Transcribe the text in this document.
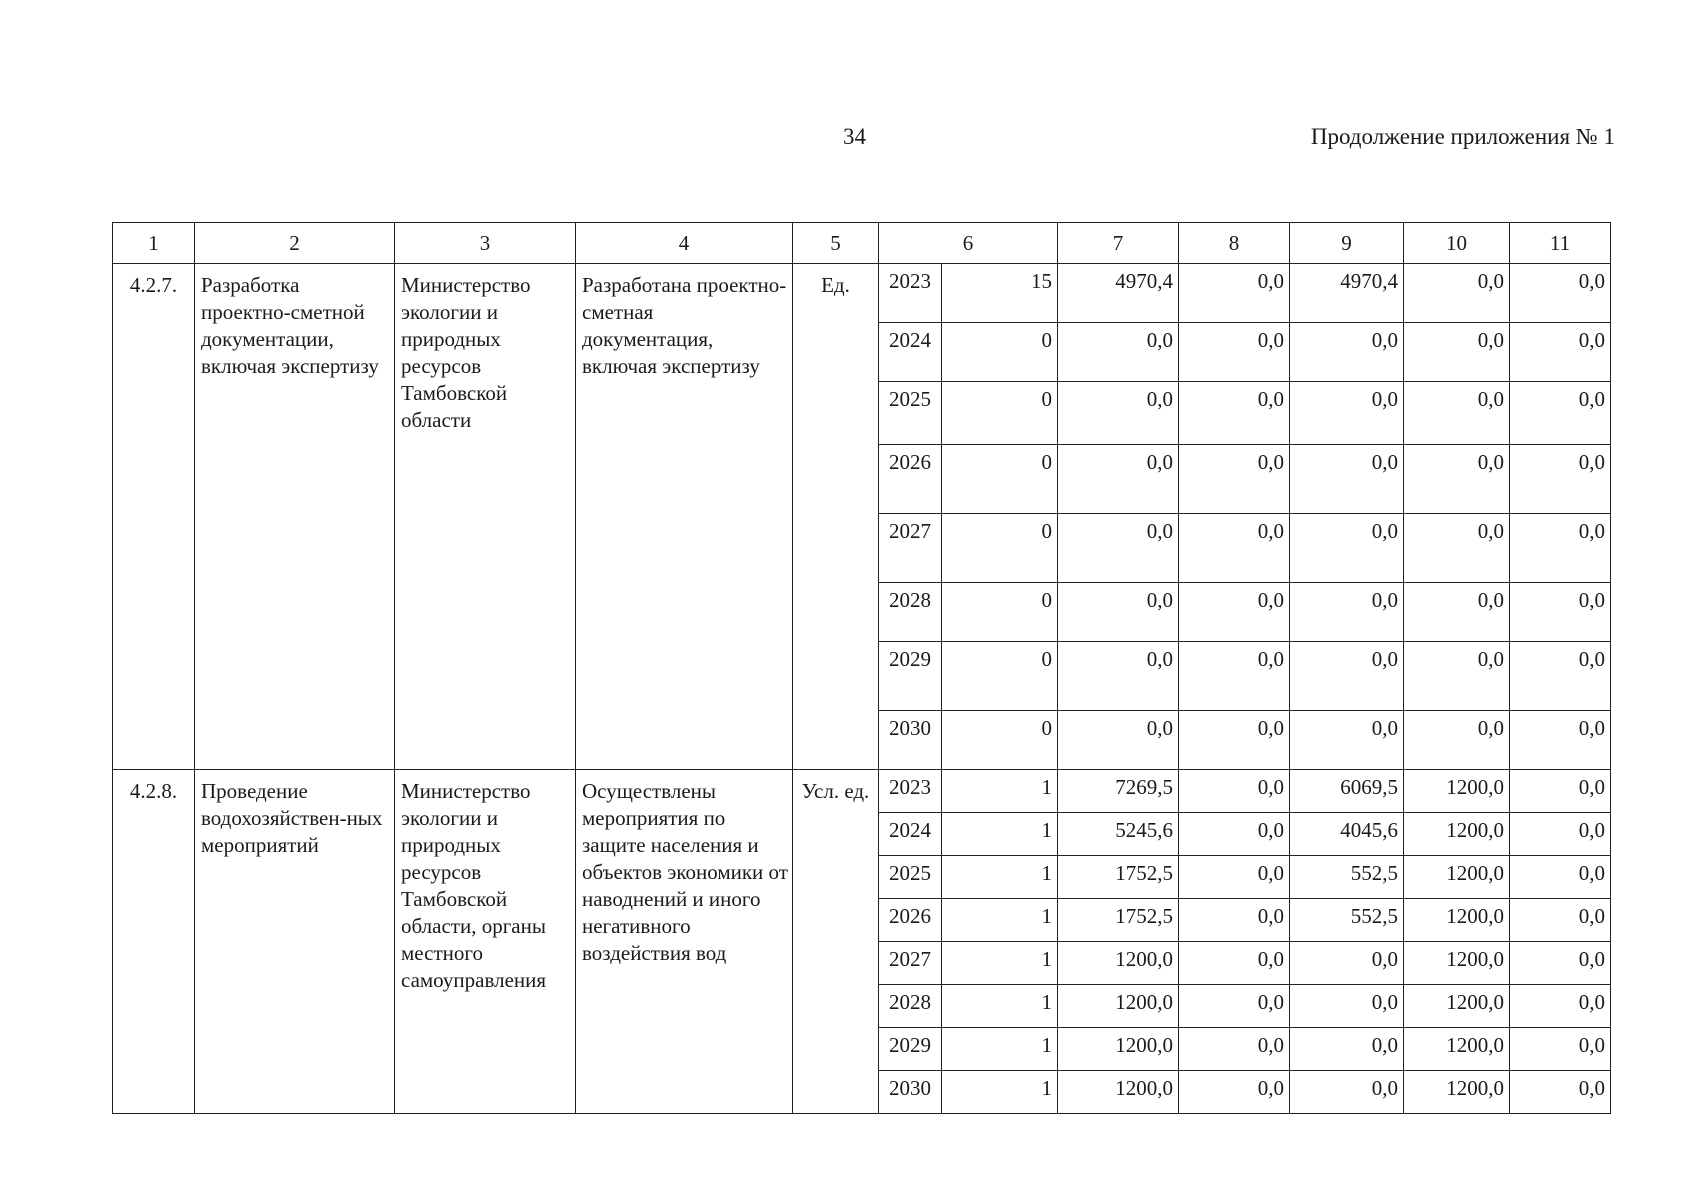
34	Продолжение приложения № 1
1	2	3	4	5	6		7	8	9	10	11
4.2.7.	Разработка проектно-сметной документации, включая экспертизу	Министерство экологии и природных ресурсов Тамбовской области	Разработана проектно-сметная документация, включая экспертизу	Ед.	2023	15	4970,4	0,0	4970,4	0,0	0,0
					2024	0	0,0	0,0	0,0	0,0	0,0
					2025	0	0,0	0,0	0,0	0,0	0,0
					2026	0	0,0	0,0	0,0	0,0	0,0
					2027	0	0,0	0,0	0,0	0,0	0,0
					2028	0	0,0	0,0	0,0	0,0	0,0
					2029	0	0,0	0,0	0,0	0,0	0,0
					2030	0	0,0	0,0	0,0	0,0	0,0
4.2.8.	Проведение водохозяйствен-ных мероприятий	Министерство экологии и природных ресурсов Тамбовской области, органы местного самоуправления	Осуществлены мероприятия по защите населения и объектов экономики от наводнений и иного негативного воздействия вод	Усл. ед.	2023	1	7269,5	0,0	6069,5	1200,0	0,0
					2024	1	5245,6	0,0	4045,6	1200,0	0,0
					2025	1	1752,5	0,0	552,5	1200,0	0,0
					2026	1	1752,5	0,0	552,5	1200,0	0,0
					2027	1	1200,0	0,0	0,0	1200,0	0,0
					2028	1	1200,0	0,0	0,0	1200,0	0,0
					2029	1	1200,0	0,0	0,0	1200,0	0,0
					2030	1	1200,0	0,0	0,0	1200,0	0,0
